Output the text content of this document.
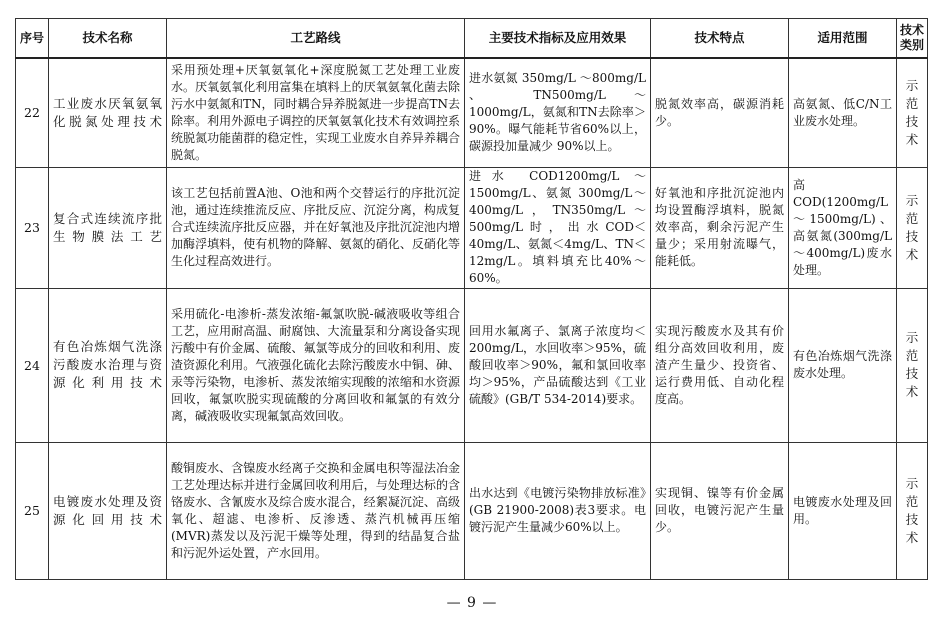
序号	技术名称	工艺路线	主要技术指标及应用效果	技术特点	适用范围	技术类别
22	工业废水厌氧氨氧化脱氮处理技术	采用预处理+厌氧氨氧化+深度脱氮工艺处理工业废水。厌氧氨氧化利用富集在填料上的厌氧氨氧化菌去除污水中氨氮和TN，同时耦合异养脱氮进一步提高TN去除率。利用外源电子调控的厌氧氨氧化技术有效调控系统脱氮功能菌群的稳定性，实现工业废水自养异养耦合脱氮。	进水氨氮 350mg/L ～800mg/L 、 TN500mg/L ～1000mg/L，氨氮和TN去除率＞90%。曝气能耗节省60%以上，碳源投加量减少 90%以上。	脱氮效率高，碳源消耗少。	高氨氮、低C/N工业废水处理。	示范技术
23	复合式连续流序批生物膜法工艺	该工艺包括前置A池、O池和两个交替运行的序批沉淀池，通过连续推流反应、序批反应、沉淀分离，构成复合式连续流序批反应器，并在好氧池及序批沉淀池内增加酶浮填料，使有机物的降解、氨氮的硝化、反硝化等生化过程高效进行。	进水 COD1200mg/L ～1500mg/L、氨氮 300mg/L～400mg/L，TN350mg/L～500mg/L时，出水COD＜40mg/L、氨氮＜4mg/L、TN＜12mg/L。填料填充比40%～60%。	好氧池和序批沉淀池内均设置酶浮填料，脱氮效率高，剩余污泥产生量少；采用射流曝气，能耗低。	高COD(1200mg/L～1500mg/L)、高氨氮(300mg/L～400mg/L)废水处理。	示范技术
24	有色冶炼烟气洗涤污酸废水治理与资源化利用技术	采用硫化-电渗析-蒸发浓缩-氟氯吹脱-碱液吸收等组合工艺，应用耐高温、耐腐蚀、大流量泵和分离设备实现污酸中有价金属、硫酸、氟氯等成分的回收和利用、废渣资源化利用。气液强化硫化去除污酸废水中铜、砷、汞等污染物，电渗析、蒸发浓缩实现酸的浓缩和水资源回收，氟氯吹脱实现硫酸的分离回收和氟氯的有效分离，碱液吸收实现氟氯高效回收。	回用水氟离子、氯离子浓度均＜200mg/L，水回收率＞95%，硫酸回收率＞90%，氟和氯回收率均＞95%，产品硫酸达到《工业硫酸》(GB/T 534-2014)要求。	实现污酸废水及其有价组分高效回收利用，废渣产生量少、投资省、运行费用低、自动化程度高。	有色冶炼烟气洗涤废水处理。	示范技术
25	电镀废水处理及资源化回用技术	酸铜废水、含镍废水经离子交换和金属电积等湿法冶金工艺处理达标并进行金属回收利用后，与处理达标的含铬废水、含氰废水及综合废水混合，经絮凝沉淀、高级氧化、超滤、电渗析、反渗透、蒸汽机械再压缩(MVR)蒸发以及污泥干燥等处理，得到的结晶复合盐和污泥外运处置，产水回用。	出水达到《电镀污染物排放标准》(GB 21900-2008)表3要求。电镀污泥产生量减少60%以上。	实现铜、镍等有价金属回收，电镀污泥产生量少。	电镀废水处理及回用。	示范技术
— 9 —
